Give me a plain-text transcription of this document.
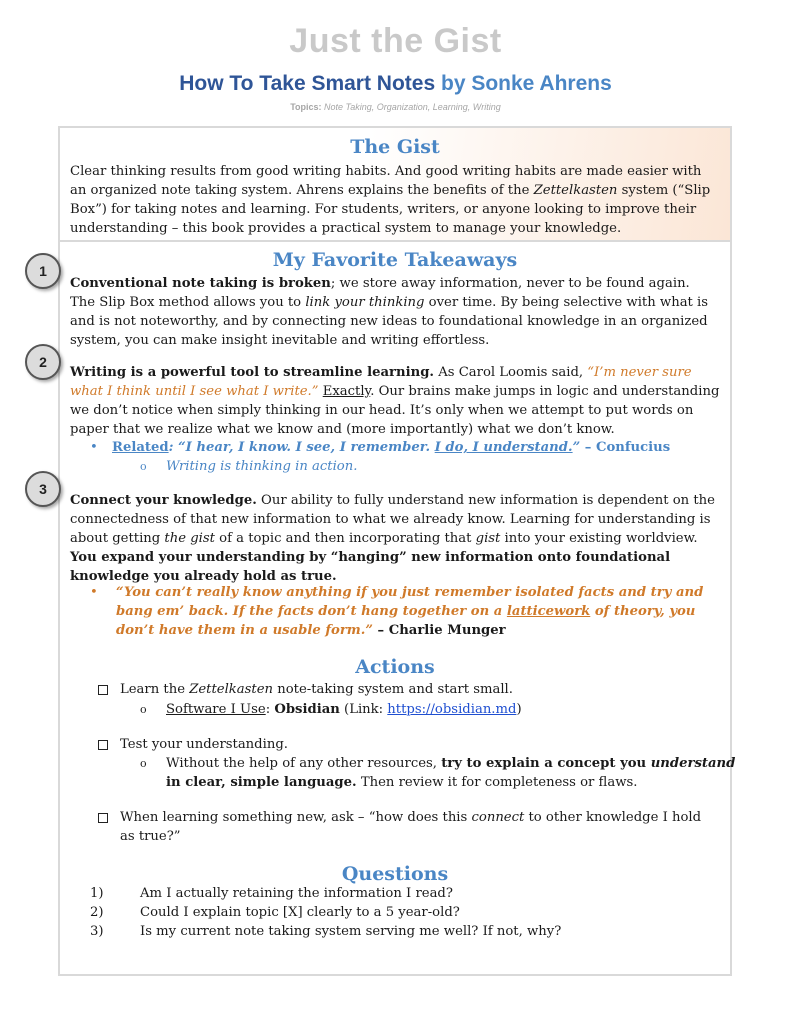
Just the Gist
How To Take Smart Notes by Sonke Ahrens
Topics: Note Taking, Organization, Learning, Writing
The Gist
Clear thinking results from good writing habits. And good writing habits are made easier with an organized note taking system. Ahrens explains the benefits of the Zettelkasten system (“Slip Box”) for taking notes and learning. For students, writers, or anyone looking to improve their understanding – this book provides a practical system to manage your knowledge.
My Favorite Takeaways
Conventional note taking is broken; we store away information, never to be found again.
The Slip Box method allows you to link your thinking over time. By being selective with what is and is not noteworthy, and by connecting new ideas to foundational knowledge in an organized system, you can make insight inevitable and writing effortless.
Writing is a powerful tool to streamline learning. As Carol Loomis said, “I’m never sure what I think until I see what I write.” Exactly. Our brains make jumps in logic and understanding we don’t notice when simply thinking in our head. It’s only when we attempt to put words on paper that we realize what we know and (more importantly) what we don’t know.
• Related: “I hear, I know. I see, I remember. I do, I understand.” – Confucius
o Writing is thinking in action.
Connect your knowledge. Our ability to fully understand new information is dependent on the connectedness of that new information to what we already know. Learning for understanding is about getting the gist of a topic and then incorporating that gist into your existing worldview. You expand your understanding by “hanging” new information onto foundational knowledge you already hold as true.
• “You can’t really know anything if you just remember isolated facts and try and bang em’ back. If the facts don’t hang together on a latticework of theory, you don’t have them in a usable form.” – Charlie Munger
Actions
Learn the Zettelkasten note-taking system and start small.
o Software I Use: Obsidian (Link: https://obsidian.md)
Test your understanding.
o Without the help of any other resources, try to explain a concept you understand in clear, simple language. Then review it for completeness or flaws.
When learning something new, ask – “how does this connect to other knowledge I hold as true?”
Questions
1)	Am I actually retaining the information I read?
2)	Could I explain topic [X] clearly to a 5 year-old?
3)	Is my current note taking system serving me well? If not, why?
1
2
3
